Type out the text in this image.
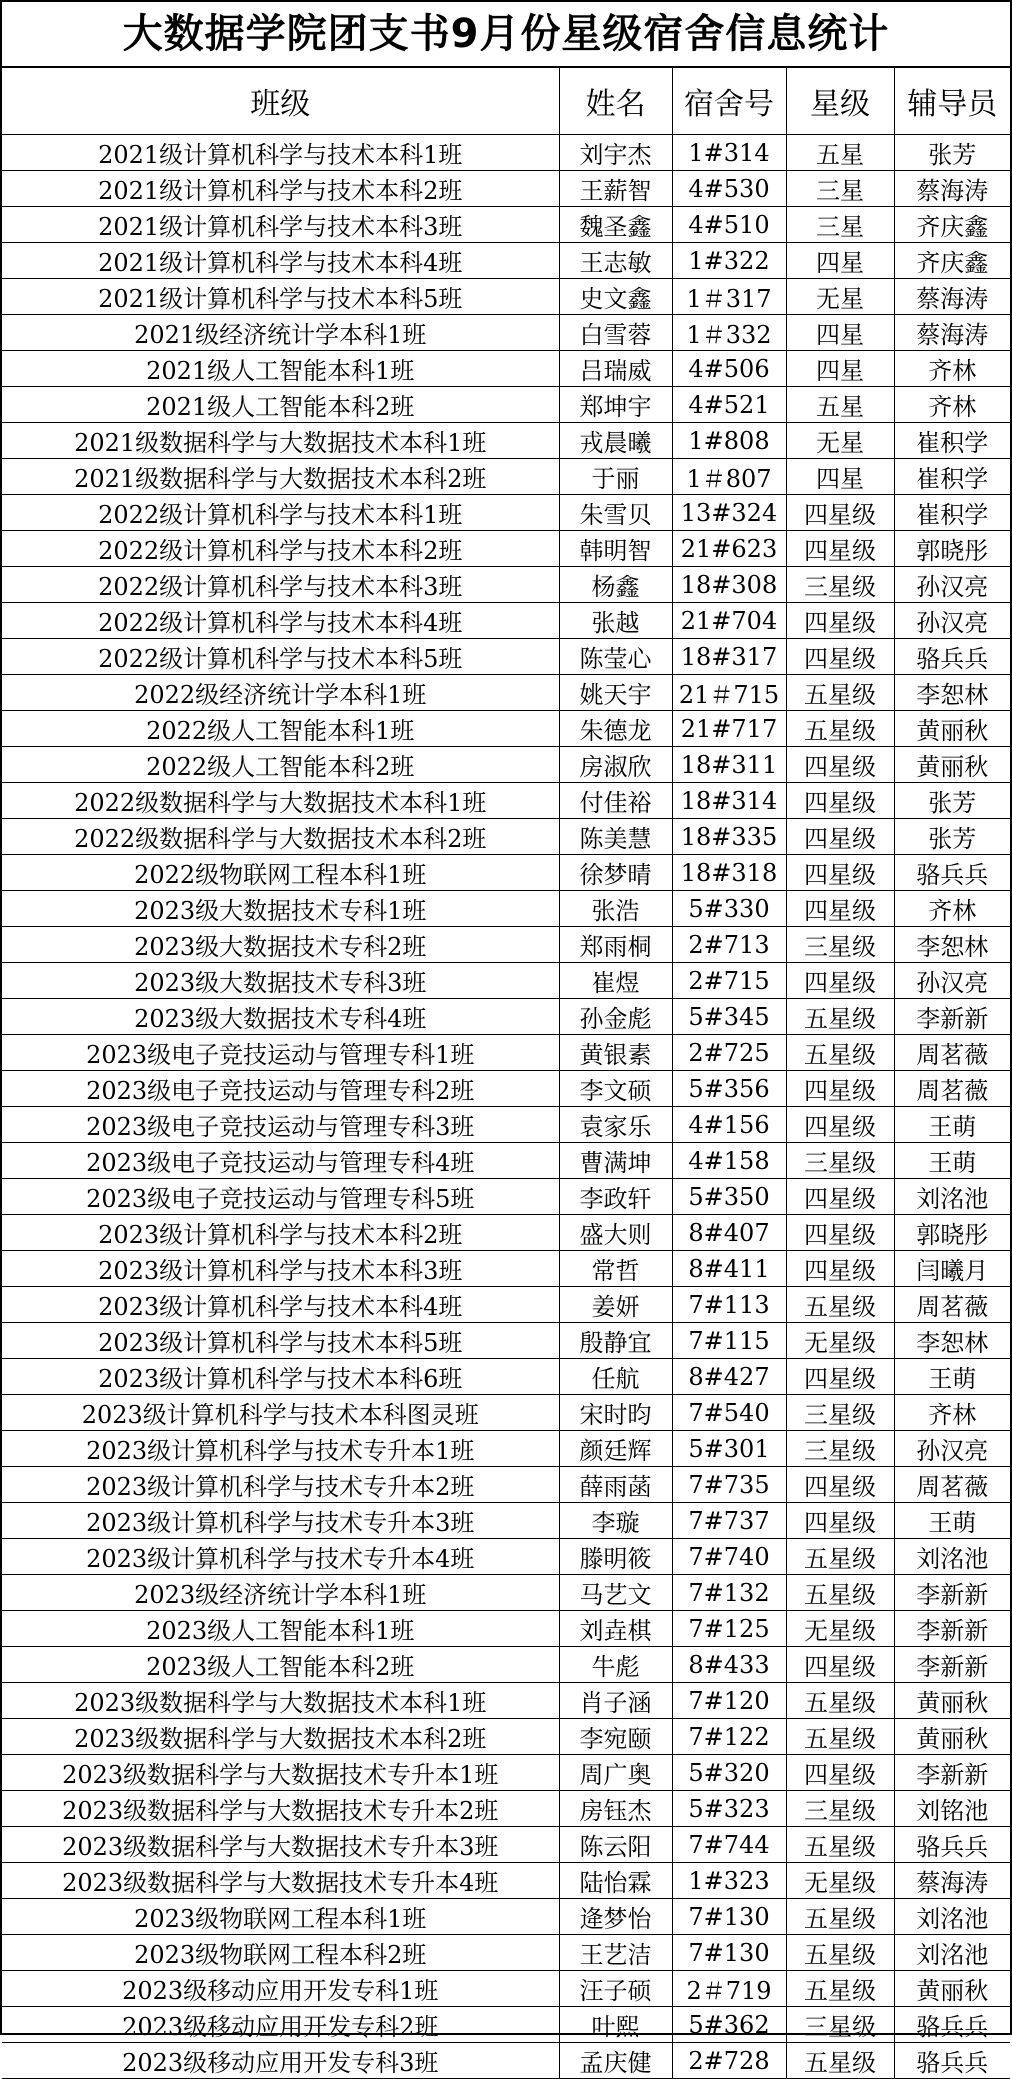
大数据学院团支书9月份星级宿舍信息统计
班级	姓名	宿舍号	星级	辅导员
2021级计算机科学与技术本科1班	刘宇杰	1#314	五星	张芳
2021级计算机科学与技术本科2班	王薪智	4#530	三星	蔡海涛
2021级计算机科学与技术本科3班	魏圣鑫	4#510	三星	齐庆鑫
2021级计算机科学与技术本科4班	王志敏	1#322	四星	齐庆鑫
2021级计算机科学与技术本科5班	史文鑫	1＃317	无星	蔡海涛
2021级经济统计学本科1班	白雪蓉	1＃332	四星	蔡海涛
2021级人工智能本科1班	吕瑞威	4#506	四星	齐林
2021级人工智能本科2班	郑坤宇	4#521	五星	齐林
2021级数据科学与大数据技术本科1班	戎晨曦	1#808	无星	崔积学
2021级数据科学与大数据技术本科2班	于丽	1＃807	四星	崔积学
2022级计算机科学与技术本科1班	朱雪贝	13#324	四星级	崔积学
2022级计算机科学与技术本科2班	韩明智	21#623	四星级	郭晓彤
2022级计算机科学与技术本科3班	杨鑫	18#308	三星级	孙汉亮
2022级计算机科学与技术本科4班	张越	21#704	四星级	孙汉亮
2022级计算机科学与技术本科5班	陈莹心	18#317	四星级	骆兵兵
2022级经济统计学本科1班	姚天宇	21＃715	五星级	李恕林
2022级人工智能本科1班	朱德龙	21#717	五星级	黄丽秋
2022级人工智能本科2班	房淑欣	18#311	四星级	黄丽秋
2022级数据科学与大数据技术本科1班	付佳裕	18#314	四星级	张芳
2022级数据科学与大数据技术本科2班	陈美慧	18#335	四星级	张芳
2022级物联网工程本科1班	徐梦晴	18#318	四星级	骆兵兵
2023级大数据技术专科1班	张浩	5#330	四星级	齐林
2023级大数据技术专科2班	郑雨桐	2#713	三星级	李恕林
2023级大数据技术专科3班	崔煜	2#715	四星级	孙汉亮
2023级大数据技术专科4班	孙金彪	5#345	五星级	李新新
2023级电子竞技运动与管理专科1班	黄银素	2#725	五星级	周茗薇
2023级电子竞技运动与管理专科2班	李文硕	5#356	四星级	周茗薇
2023级电子竞技运动与管理专科3班	袁家乐	4#156	四星级	王萌
2023级电子竞技运动与管理专科4班	曹满坤	4#158	三星级	王萌
2023级电子竞技运动与管理专科5班	李政轩	5#350	四星级	刘洺池
2023级计算机科学与技术本科2班	盛大则	8#407	四星级	郭晓彤
2023级计算机科学与技术本科3班	常哲	8#411	四星级	闫曦月
2023级计算机科学与技术本科4班	姜妍	7#113	五星级	周茗薇
2023级计算机科学与技术本科5班	殷静宜	7#115	无星级	李恕林
2023级计算机科学与技术本科6班	任航	8#427	四星级	王萌
2023级计算机科学与技术本科图灵班	宋时昀	7#540	三星级	齐林
2023级计算机科学与技术专升本1班	颜廷辉	5#301	三星级	孙汉亮
2023级计算机科学与技术专升本2班	薛雨菡	7#735	四星级	周茗薇
2023级计算机科学与技术专升本3班	李璇	7#737	四星级	王萌
2023级计算机科学与技术专升本4班	滕明筱	7#740	五星级	刘洺池
2023级经济统计学本科1班	马艺文	7#132	五星级	李新新
2023级人工智能本科1班	刘垚棋	7#125	无星级	李新新
2023级人工智能本科2班	牛彪	8#433	四星级	李新新
2023级数据科学与大数据技术本科1班	肖子涵	7#120	五星级	黄丽秋
2023级数据科学与大数据技术本科2班	李宛颐	7#122	五星级	黄丽秋
2023级数据科学与大数据技术专升本1班	周广奥	5#320	四星级	李新新
2023级数据科学与大数据技术专升本2班	房钰杰	5#323	三星级	刘铭池
2023级数据科学与大数据技术专升本3班	陈云阳	7#744	五星级	骆兵兵
2023级数据科学与大数据技术专升本4班	陆怡霖	1#323	无星级	蔡海涛
2023级物联网工程本科1班	逄梦怡	7#130	五星级	刘洺池
2023级物联网工程本科2班	王艺洁	7#130	五星级	刘洺池
2023级移动应用开发专科1班	汪子硕	2＃719	五星级	黄丽秋
2023级移动应用开发专科2班	叶熙	5#362	三星级	骆兵兵
2023级移动应用开发专科3班	孟庆健	2#728	五星级	骆兵兵
